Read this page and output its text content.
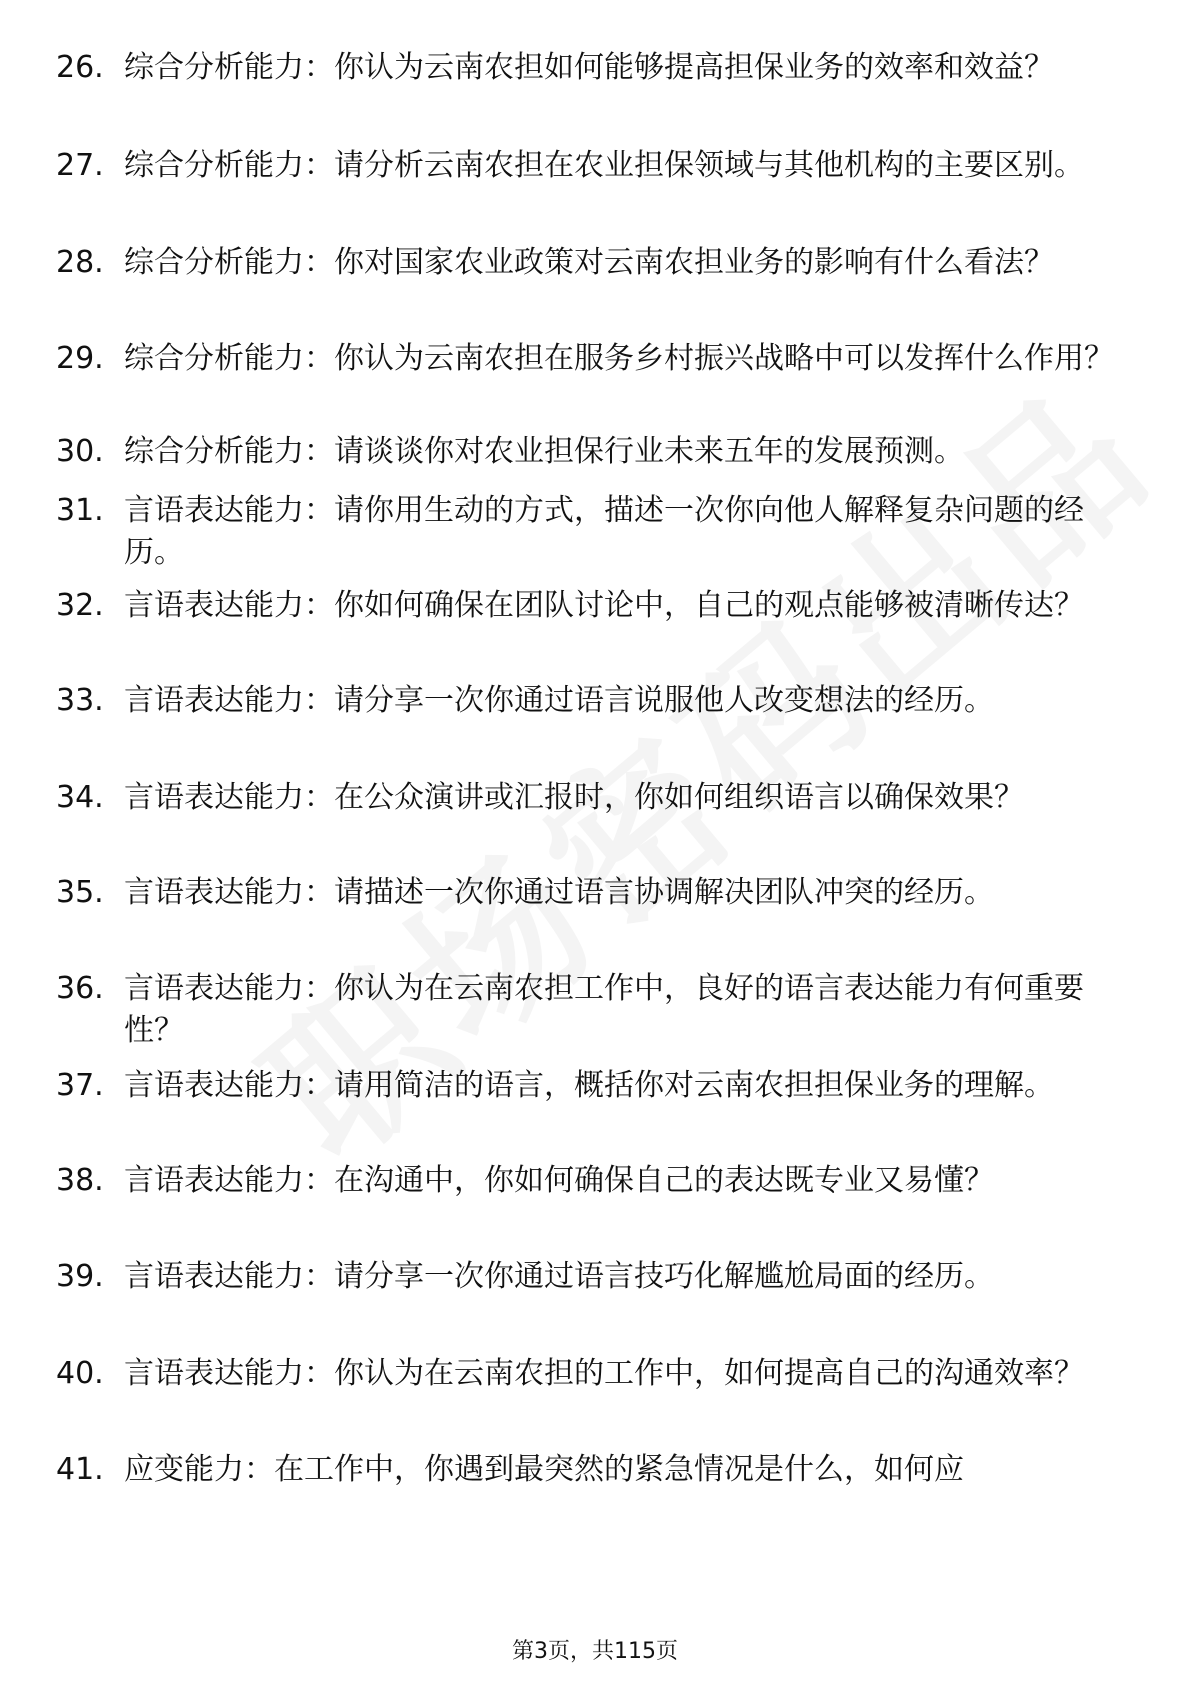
26. 综合分析能力：你认为云南农担如何能够提高担保业务的效率和效益？
27. 综合分析能力：请分析云南农担在农业担保领域与其他机构的主要区别。
28. 综合分析能力：你对国家农业政策对云南农担业务的影响有什么看法？
29. 综合分析能力：你认为云南农担在服务乡村振兴战略中可以发挥什么作用？
30. 综合分析能力：请谈谈你对农业担保行业未来五年的发展预测。
31. 言语表达能力：请你用生动的方式，描述一次你向他人解释复杂问题的经历。
32. 言语表达能力：你如何确保在团队讨论中，自己的观点能够被清晰传达？
33. 言语表达能力：请分享一次你通过语言说服他人改变想法的经历。
34. 言语表达能力：在公众演讲或汇报时，你如何组织语言以确保效果？
35. 言语表达能力：请描述一次你通过语言协调解决团队冲突的经历。
36. 言语表达能力：你认为在云南农担工作中，良好的语言表达能力有何重要性？
37. 言语表达能力：请用简洁的语言，概括你对云南农担担保业务的理解。
38. 言语表达能力：在沟通中，你如何确保自己的表达既专业又易懂？
39. 言语表达能力：请分享一次你通过语言技巧化解尴尬局面的经历。
40. 言语表达能力：你认为在云南农担的工作中，如何提高自己的沟通效率？
41. 应变能力：在工作中，你遇到最突然的紧急情况是什么，如何应
第3页，共115页
